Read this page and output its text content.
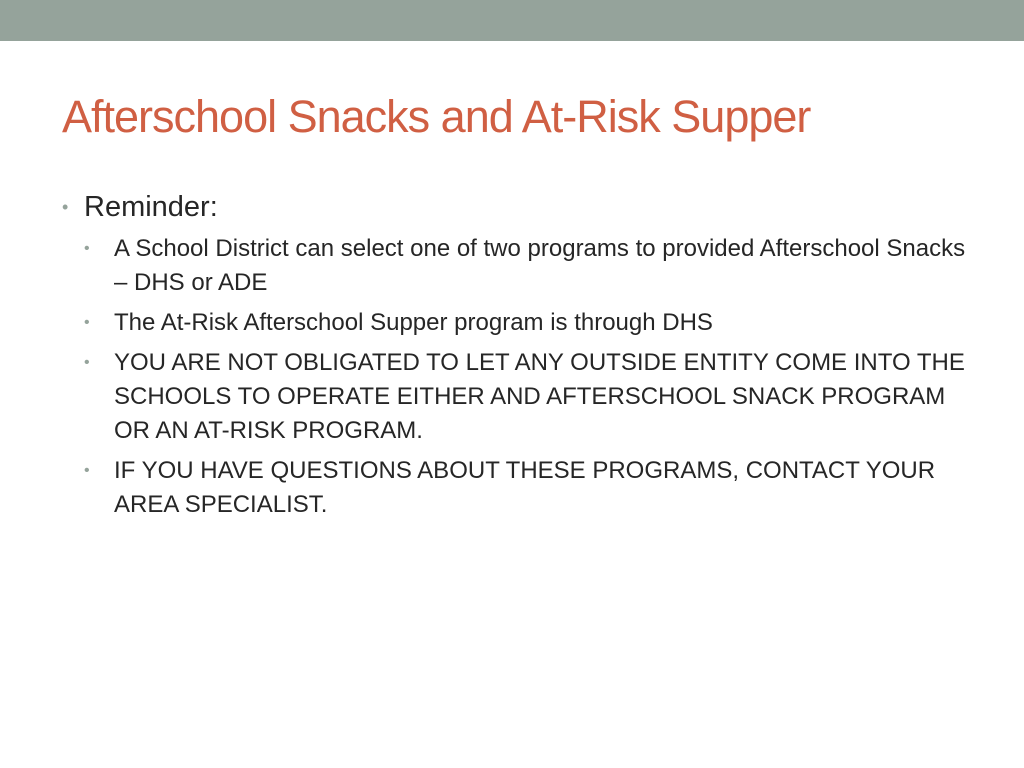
Afterschool Snacks and At-Risk Supper
• Reminder:
• A School District can select one of two programs to provided Afterschool Snacks – DHS or ADE
• The At-Risk Afterschool Supper program is through DHS
• YOU ARE NOT OBLIGATED TO LET ANY OUTSIDE ENTITY COME INTO THE SCHOOLS TO OPERATE EITHER AND AFTERSCHOOL SNACK PROGRAM OR AN AT-RISK PROGRAM.
• IF YOU HAVE QUESTIONS ABOUT THESE PROGRAMS, CONTACT YOUR AREA SPECIALIST.
